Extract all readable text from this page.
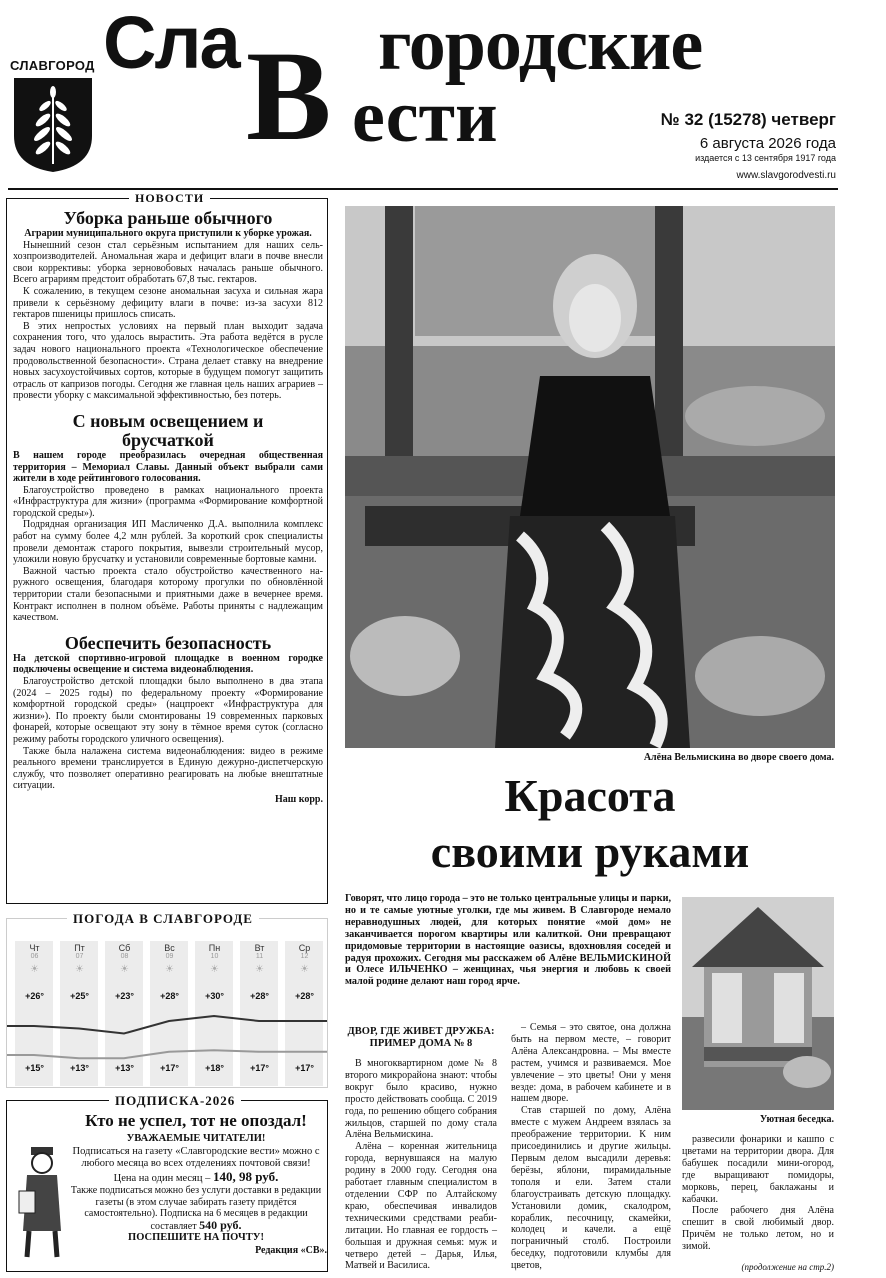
СЛАВГОРОД Сла В городские
ести	№ 32 (15278) четверг
6 августа 2026 года
издается с 13 сентября 1917 года
www.slavgorodvesti.ru
НОВОСТИ
Уборка раньше обычного

Аграрии муниципального округа приступили к уборке урожая.

Нынешний сезон стал серьёзным испытанием для наших сельхозпроизводителей. Аномальная жара и дефицит влаги в почве внесли свои коррективы: уборка зерновобовых началась раньше обычного. Всего аграриям предстоит обработать 67,8 тыс. гектаров.

К сожалению, в текущем сезоне аномальная засуха и сильная жара привели к серьёзному дефициту влаги в почве: из-за засухи 812 гектаров пшеницы пришлось списать.

В этих непростых условиях на первый план выходит задача сохранения того, что удалось вырастить. Эта работа ведётся в русле задач нового национального проекта «Технологическое обеспечение продовольственной безопасности». Страна делает ставку на внедрение новых засухоустойчивых сортов, которые в будущем помогут защитить отрасль от капризов погоды. Сегодня же главная цель наших аграриев – провести уборку с максимальной эффективностью, без потерь.

С новым освещением и брусчаткой

В нашем городе преобразилась очередная общественная территория – Мемориал Славы. Данный объект выбрали сами жители в ходе рейтингового голосования.

Благоустройство проведено в рамках национального проекта «Инфраструктура для жизни» (программа «Формирование комфортной городской среды»).

Подрядная организация ИП Масличенко Д.А. выполнила комплекс работ на сумму более 4,2 млн рублей. За короткий срок специалисты провели демонтаж старого покрытия, вывезли строительный мусор, уложили новую брусчатку и установили современные бортовые камни.

Важной частью проекта стало обустройство качественного наружного освещения, благодаря которому прогулки по обновлённой территории стали безопасными и приятными даже в вечернее время. Контракт исполнен в полном объёме. Работы приняты с надлежащим качеством.

Обеспечить безопасность

На детской спортивно-игровой площадке в военном городке подключены освещение и система видеонаблюдения.

Благоустройство детской площадки было выполнено в два этапа (2024 – 2025 годы) по федеральному проекту «Формирование комфортной городской среды» (нацпроект «Инфраструктура для жизни»). По проекту были смонтированы 19 современных парковых фонарей, которые освещают эту зону в тёмное время суток (согласно режиму работы городского уличного освещения).

Также была налажена система видеонаблюдения: видео в режиме реального времени транслируется в Единую дежурно-диспетчерскую службу, что позволяет оперативно реагировать на любые внештатные ситуации.

Наш корр.
ПОГОДА В СЛАВГОРОДЕ
Чт
06
☀
+26°
+15°
Пт
07
☀
+25°
+13°
Сб
08
☀
+23°
+13°
Вс
09
☀
+28°
+17°
Пн
10
☀
+30°
+18°
Вт
11
☀
+28°
+17°
Ср
12
☀
+28°
+17°
ПОДПИСКА-2026
Кто не успел, тот не опоздал!
УВАЖАЕМЫЕ ЧИТАТЕЛИ!
Подписаться на газету «Славгородские вести» можно с любого месяца во всех отделениях почтовой связи!
Цена на один месяц – 140, 98 руб.
Также подписаться можно без услуги доставки в редакции газеты (в этом случае забирать газету придётся самостоятельно). Подписка на 6 месяцев в редакции составляет 540 руб.
ПОСПЕШИТЕ НА ПОЧТУ!
Редакция «СВ».
Алёна Вельмискина во дворе своего дома.
Красота
своими руками
Говорят, что лицо города – это не только центральные улицы и парки, но и те самые уютные уголки, где мы живем. В Славгороде немало неравнодушных людей, для которых понятие «мой дом» не заканчивается порогом квартиры или калиткой. Они превращают придомовые территории в настоящие оазисы, вдохновляя соседей и радуя прохожих. Сегодня мы расскажем об Алёне ВЕЛЬМИСКИНОЙ и Олесе ИЛЬЧЕНКО – женщинах, чья энергия и любовь к своей малой родине делают наш город ярче.
ДВОР, ГДЕ ЖИВЕТ ДРУЖБА: ПРИМЕР ДОМА № 8

В многоквартирном доме № 8 второго микрорайона знают: чтобы вокруг было красиво, нужно просто действовать сообща. С 2019 года, по решению общего собрания жильцов, старшей по дому стала Алёна Вельмискина.

Алёна – коренная жительница города, вернувшаяся на малую родину в 2000 году. Сегодня она работает главным специалистом в отделении СФР по Алтайскому краю, обеспечивая инвалидов техническими средствами реабилитации. Но главная ее гордость – большая и дружная семья: муж и четверо детей – Дарья, Илья, Матвей и Василиса.

– Семья – это святое, она должна быть на первом месте, – говорит Алёна Александровна. – Мы вместе растем, учимся и развиваемся. Мое увлечение – это цветы! Они у меня везде: дома, в рабочем кабинете и в нашем дворе.

Став старшей по дому, Алёна вместе с мужем Андреем взялась за преображение территории. К ним присоединились и другие жильцы. Первым делом высадили деревья: берёзы, яблони, пирамидальные тополя и ели. Затем стали благоустраивать детскую площадку. Установили домик, скалодром, кораблик, песочницу, скамейки, колодец и качели. а ещё пограничный столб. Построили беседку, подготовили клумбы для цветов,

Уютная беседка.

развесили фонарики и кашпо с цветами на территории двора. Для бабушек посадили мини-огород, где выращивают помидоры, морковь, перец, баклажаны и кабачки.

После рабочего дня Алёна спешит в свой любимый двор. Причём не только летом, но и зимой.

(продолжение на стр.2)
